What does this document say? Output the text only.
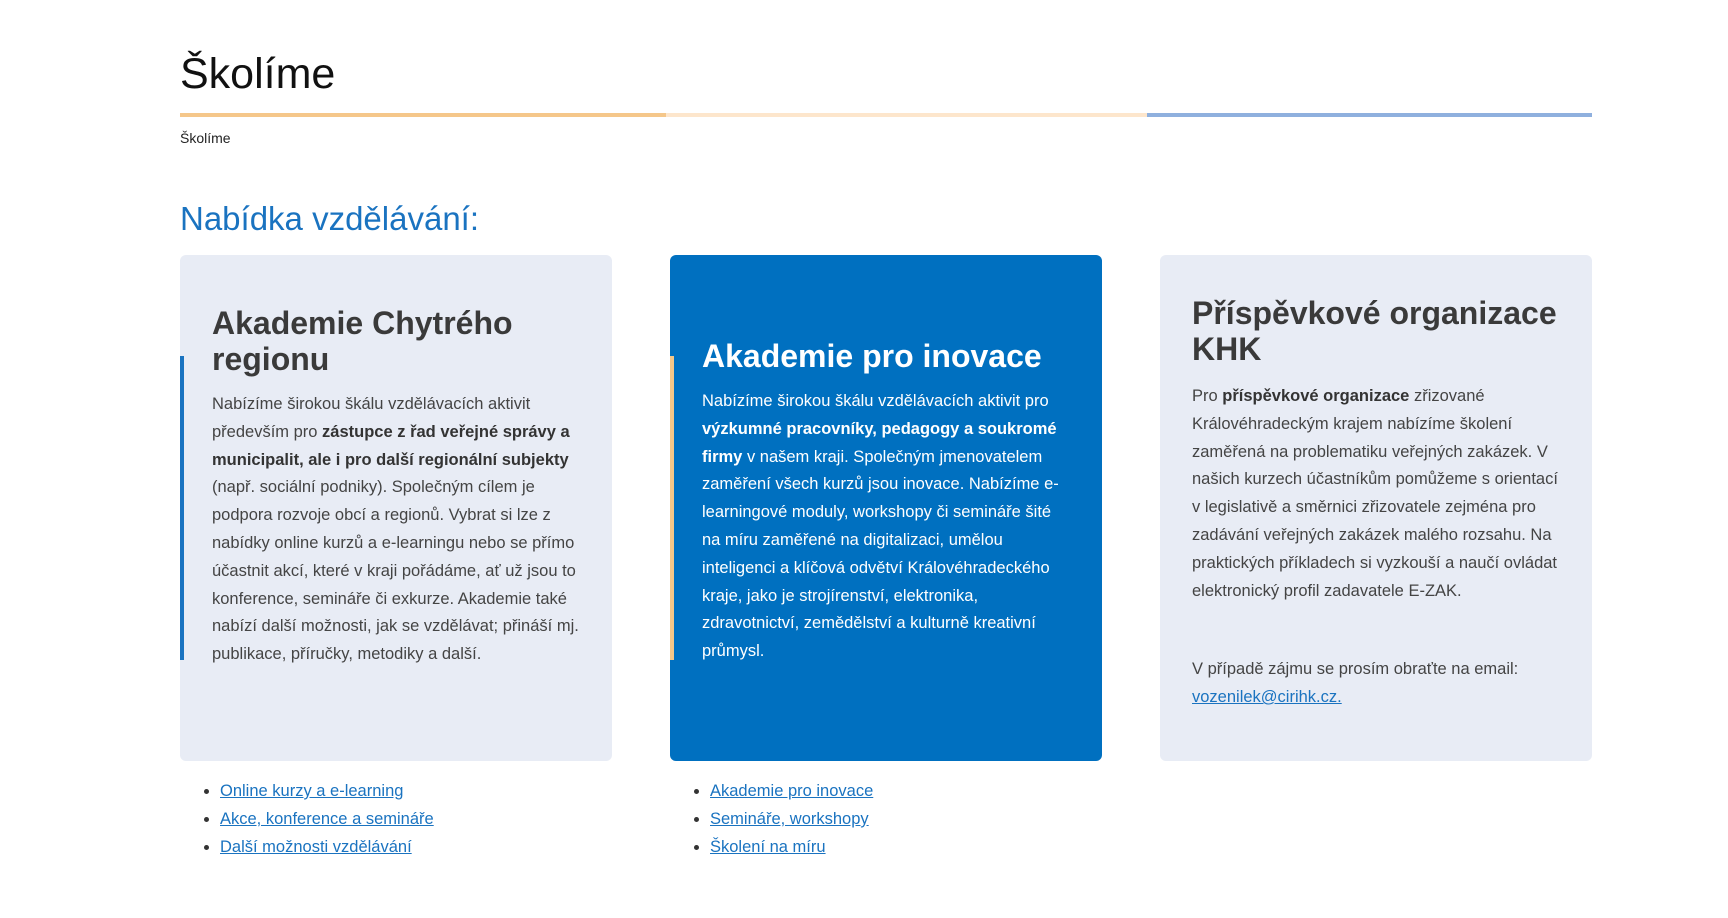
Školíme
Školíme
Nabídka vzdělávání:
Akademie Chytrého regionu

Nabízíme širokou škálu vzdělávacích aktivit především pro zástupce z řad veřejné správy a municipalit, ale i pro další regionální subjekty (např. sociální podniky). Společným cílem je podpora rozvoje obcí a regionů. Vybrat si lze z nabídky online kurzů a e-learningu nebo se přímo účastnit akcí, které v kraji pořádáme, ať už jsou to konference, semináře či exkurze. Akademie také nabízí další možnosti, jak se vzdělávat; přináší mj. publikace, příručky, metodiky a další.

Akademie pro inovace

Nabízíme širokou škálu vzdělávacích aktivit pro výzkumné pracovníky, pedagogy a soukromé firmy v našem kraji. Společným jmenovatelem zaměření všech kurzů jsou inovace. Nabízíme e-learningové moduly, workshopy či semináře šité na míru zaměřené na digitalizaci, umělou inteligenci a klíčová odvětví Královéhradeckého kraje, jako je strojírenství, elektronika, zdravotnictví, zemědělství a kulturně kreativní průmysl.

Příspěvkové organizace KHK

Pro příspěvkové organizace zřizované Královéhradeckým krajem nabízíme školení zaměřená na problematiku veřejných zakázek. V našich kurzech účastníkům pomůžeme s orientací v legislativě a směrnici zřizovatele zejména pro zadávání veřejných zakázek malého rozsahu. Na praktických příkladech si vyzkouší a naučí ovládat elektronický profil zadavatele E-ZAK.

V případě zájmu se prosím obraťte na email:
vozenilek@cirihk.cz.
• Online kurzy a e-learning
• Akce, konference a semináře
• Další možnosti vzdělávání
• Akademie pro inovace
• Semináře, workshopy
• Školení na míru
